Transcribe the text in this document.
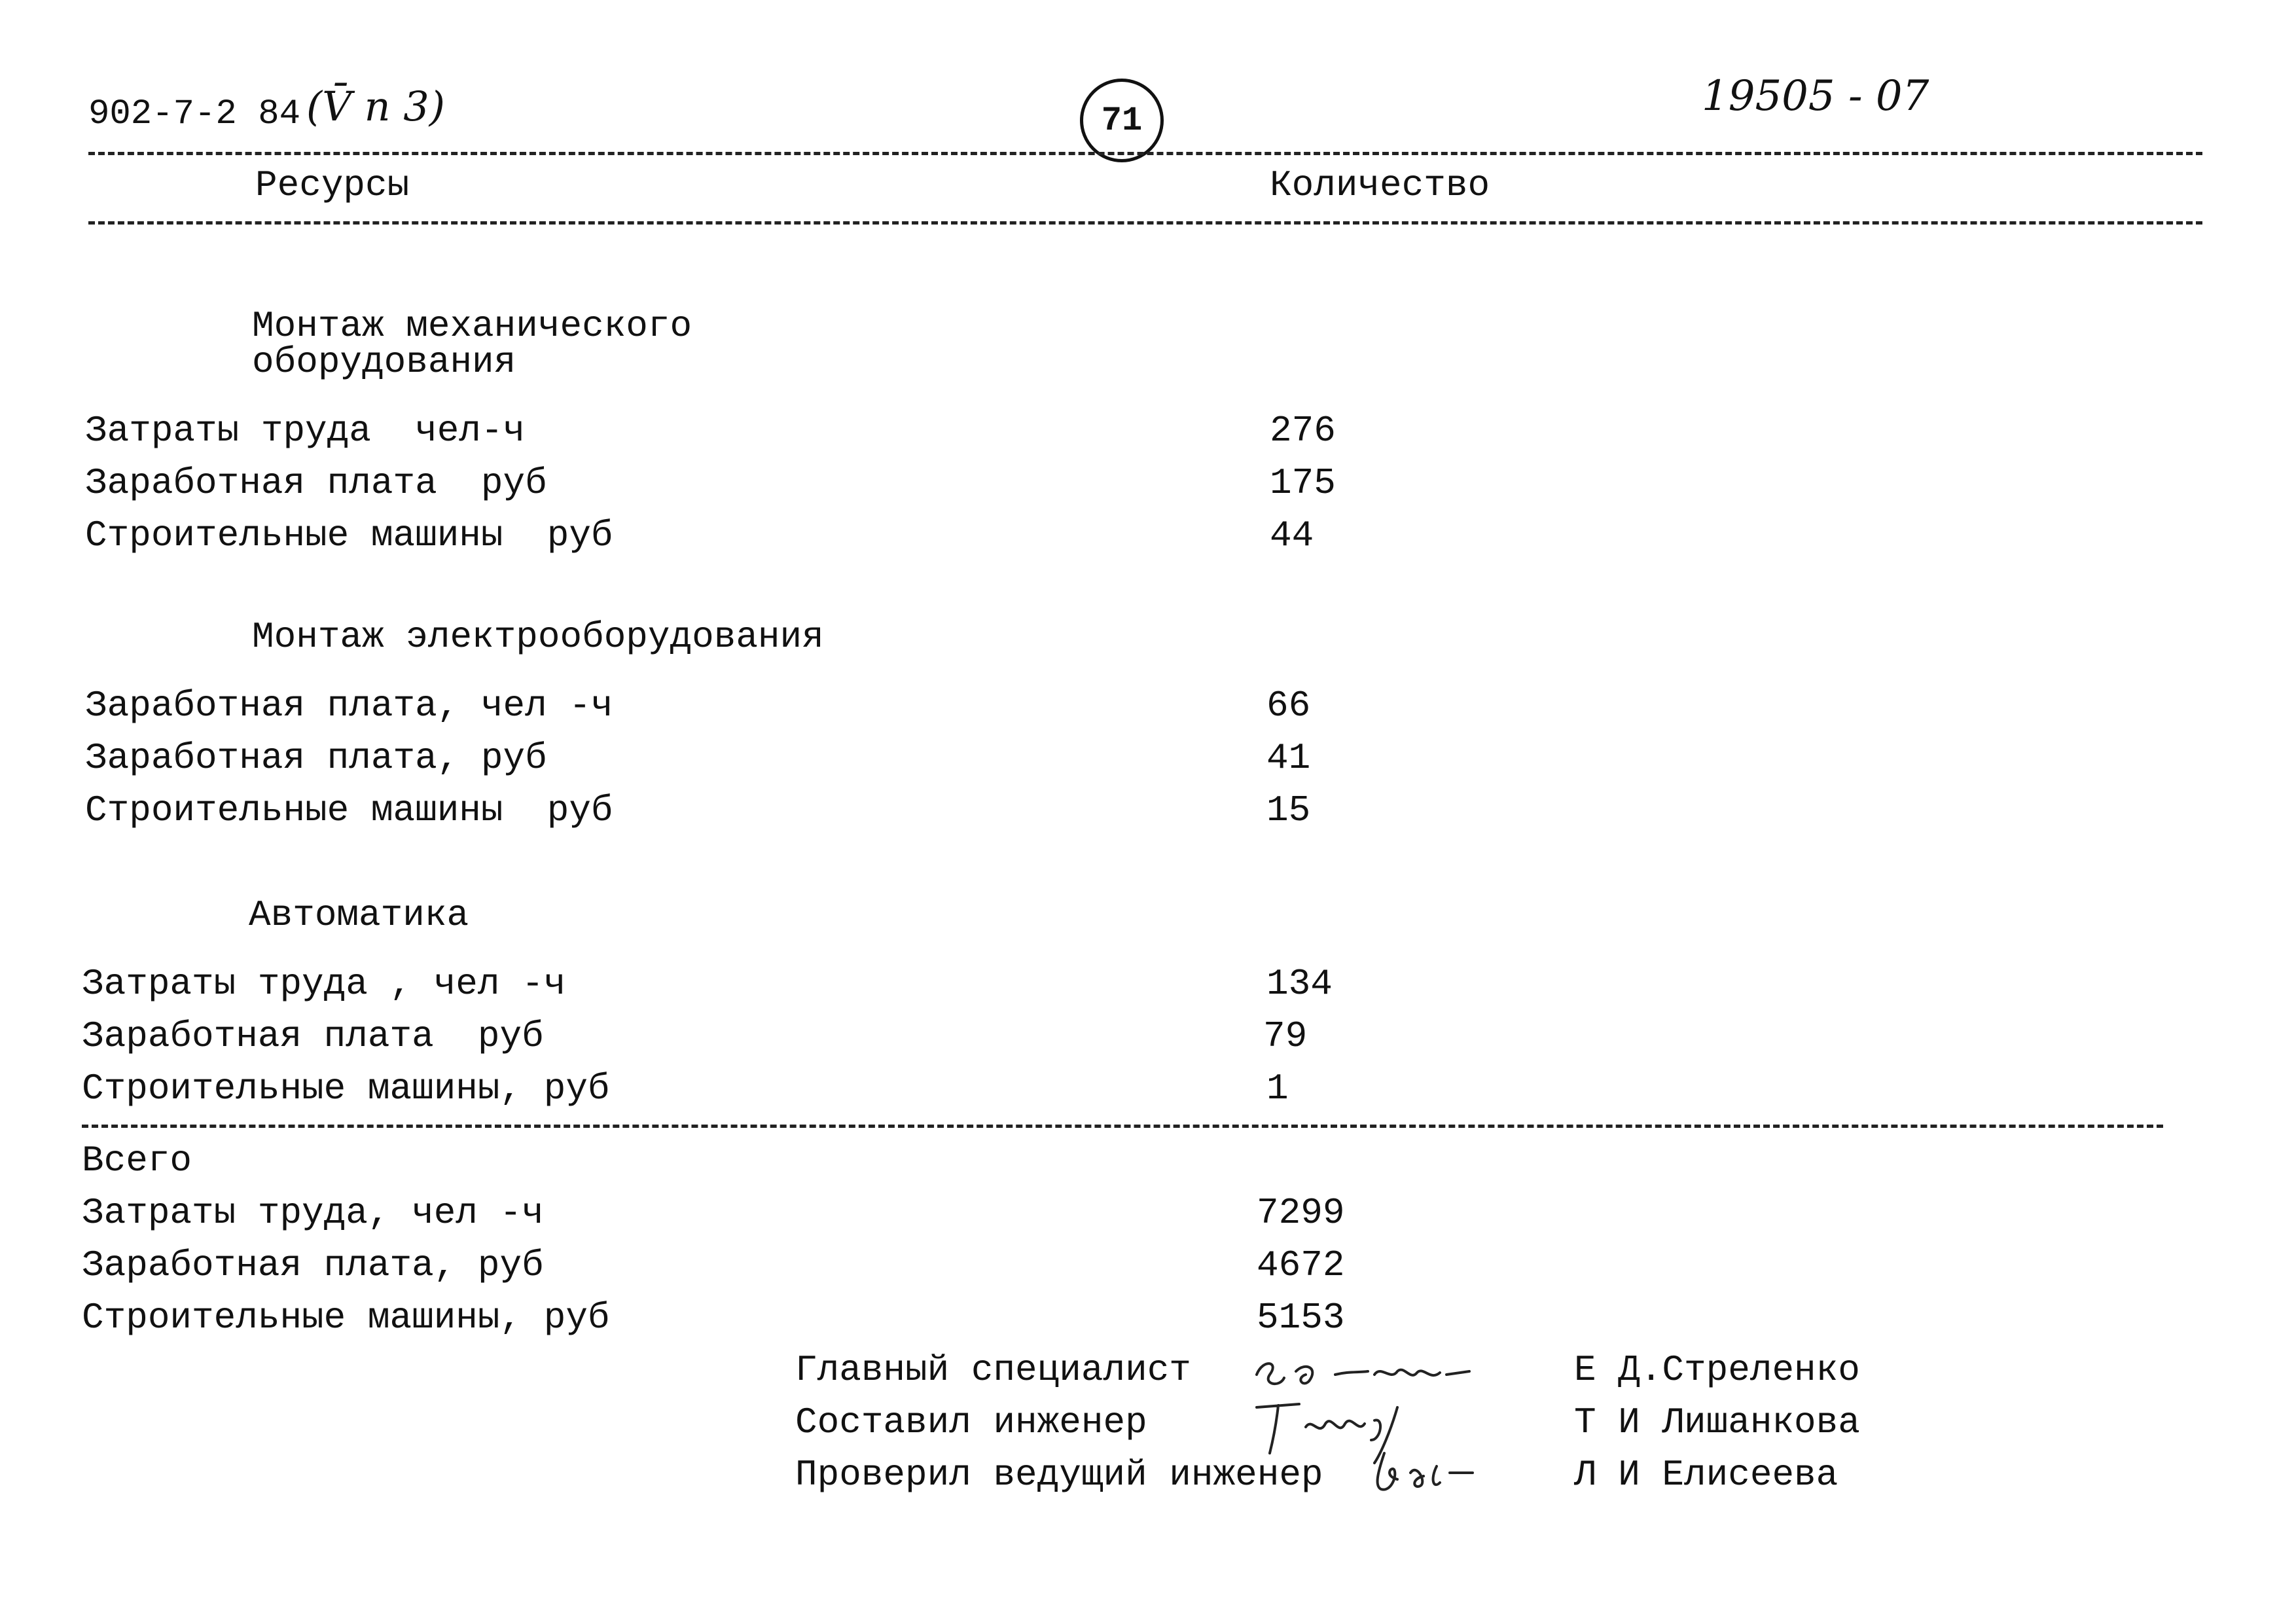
902-7-2 84 (V̄ n 3)	71	19505 - 07
Ресурсы	Количество
Монтаж механического
оборудования
Затраты труда  чел-ч	276
Заработная плата  руб	175
Строительные машины  руб	44
Монтаж электрооборудования
Заработная плата, чел -ч	66
Заработная плата, руб	41
Строительные машины  руб	15
Автоматика
Затраты труда , чел -ч	134
Заработная плата  руб	79
Строительные машины, руб	1
Всего
Затраты труда, чел -ч	7299
Заработная плата, руб	4672
Строительные машины, руб	5153
Главный специалист	Е Д.Стреленко
Составил инженер	Т И Лишанкова
Проверил ведущий инженер	Л И Елисеева
